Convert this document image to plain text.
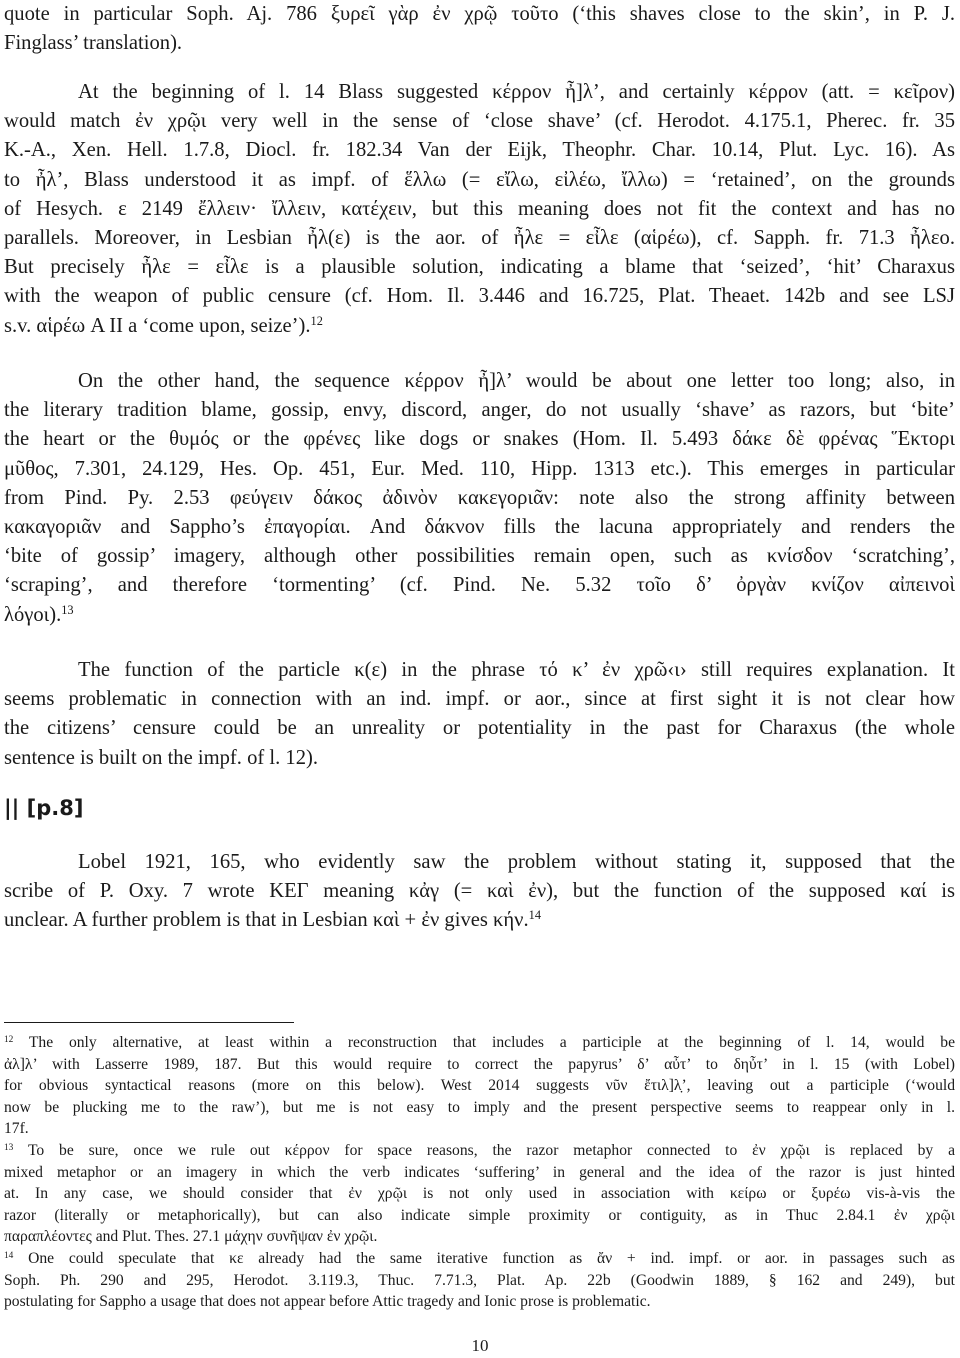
quote in particular Soph. Aj. 786 ξυρεῖ γὰρ ἐν χρῷ τοῦτο (‘this shaves close to the skin’, in P. J.
Finglass’ translation).
At the beginning of l. 14 Blass suggested κέρρον ἦ]λ’, and certainly κέρρον (att. = κεῖρον)
would match ἐν χρῷι very well in the sense of ‘close shave’ (cf. Herodot. 4.175.1, Pherec. fr. 35
K.-A., Xen. Hell. 1.7.8, Diocl. fr. 182.34 Van der Eijk, Theophr. Char. 10.14, Plut. Lyc. 16). As
to ἦλ’, Blass understood it as impf. of ἕλλω (= εἴλω, εἰλέω, ἴλλω) = ‘retained’, on the grounds
of Hesych. ε 2149 ἔλλειν· ἴλλειν, κατέχειν, but this meaning does not fit the context and has no
parallels. Moreover, in Lesbian ἦλ(ε) is the aor. of ἦλε = εἶλε (αἱρέω), cf. Sapph. fr. 71.3 ἦλεο.
But precisely ἦλε = εἶλε is a plausible solution, indicating a blame that ‘seized’, ‘hit’ Charaxus
with the weapon of public censure (cf. Hom. Il. 3.446 and 16.725, Plat. Theaet. 142b and see LSJ
s.v. αἱρέω A II a ‘come upon, seize’).$^{12}$
On the other hand, the sequence κέρρον ἦ]λ’ would be about one letter too long; also, in
the literary tradition blame, gossip, envy, discord, anger, do not usually ‘shave’ as razors, but ‘bite’
the heart or the θυμός or the φρένες like dogs or snakes (Hom. Il. 5.493 δάκε δὲ φρένας Ἕκτορι
μῦθος, 7.301, 24.129, Hes. Op. 451, Eur. Med. 110, Hipp. 1313 etc.). This emerges in particular
from Pind. Py. 2.53 φεύγειν δάκος ἀδινὸν κακεγοριᾶν: note also the strong affinity between
κακαγοριᾶν and Sappho’s ἐπαγορίαι. And δάκνον fills the lacuna appropriately and renders the
‘bite of gossip’ imagery, although other possibilities remain open, such as κνίσδον ‘scratching’,
‘scraping’, and therefore ‘tormenting’ (cf. Pind. Ne. 5.32 τοῖο δ’ ὀργὰν κνίζον αἰπεινοὶ
λόγοι).$^{13}$
The function of the particle κ(ε) in the phrase τό κ’ ἐν χρῶ‹ι› still requires explanation. It
seems problematic in connection with an ind. impf. or aor., since at first sight it is not clear how
the citizens’ censure could be an unreality or potentiality in the past for Charaxus (the whole
sentence is built on the impf. of l. 12).
|| [p.8]
Lobel 1921, 165, who evidently saw the problem without stating it, supposed that the
scribe of P. Oxy. 7 wrote ΚΕΓ meaning κἀγ (= καὶ ἐν), but the function of the supposed καί is
unclear. A further problem is that in Lesbian καὶ + ἐν gives κήν.$^{14}$
$^{12}$ The only alternative, at least within a reconstruction that includes a participle at the beginning of l. 14, would be
ἀλ]λ’ with Lasserre 1989, 187. But this would require to correct the papyrus’ δ’ αὖτ’ to δηὖτ’ in l. 15 (with Lobel)
for obvious syntactical reasons (more on this below). West 2014 suggests νῦν ἔτιλ]λ̣’, leaving out a participle (‘would
now be plucking me to the raw’), but me is not easy to imply and the present perspective seems to reappear only in l.
17f.
$^{13}$ To be sure, once we rule out κέρρον for space reasons, the razor metaphor connected to ἐν χρῷι is replaced by a
mixed metaphor or an imagery in which the verb indicates ‘suffering’ in general and the idea of the razor is just hinted
at. In any case, we should consider that ἐν χρῷι is not only used in association with κείρω or ξυρέω vis-à-vis the
razor (literally or metaphorically), but can also indicate simple proximity or contiguity, as in Thuc 2.84.1 ἐν χρῷι
παραπλέοντες and Plut. Thes. 27.1 μάχην συνῆψαν ἐν χρῷι.
$^{14}$ One could speculate that κε already had the same iterative function as ἄν + ind. impf. or aor. in passages such as
Soph. Ph. 290 and 295, Herodot. 3.119.3, Thuc. 7.71.3, Plat. Ap. 22b (Goodwin 1889, § 162 and 249), but
postulating for Sappho a usage that does not appear before Attic tragedy and Ionic prose is problematic.
10
